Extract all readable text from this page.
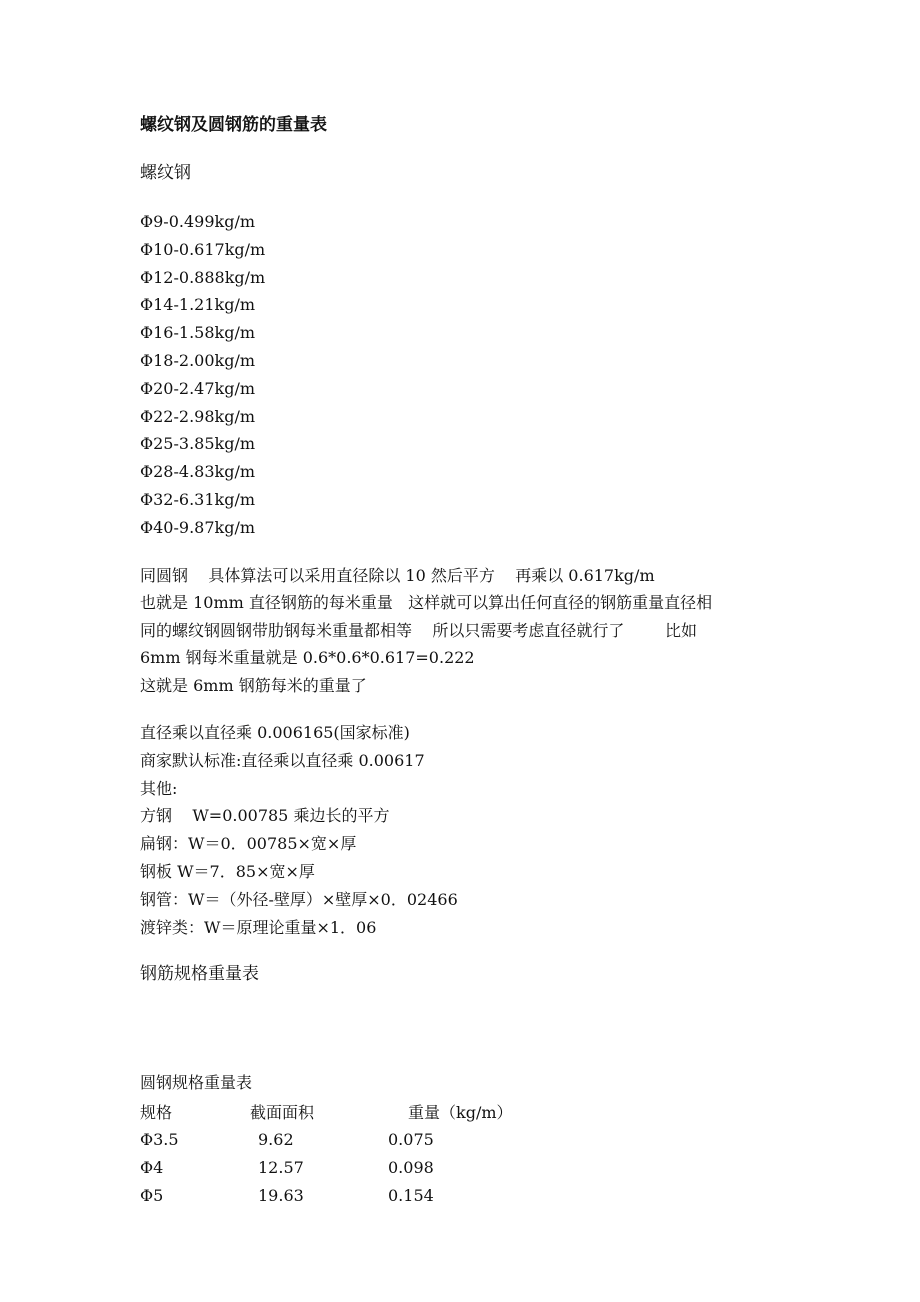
螺纹钢及圆钢筋的重量表
螺纹钢
Φ9-0.499kg/m
Φ10-0.617kg/m
Φ12-0.888kg/m
Φ14-1.21kg/m
Φ16-1.58kg/m
Φ18-2.00kg/m
Φ20-2.47kg/m
Φ22-2.98kg/m
Φ25-3.85kg/m
Φ28-4.83kg/m
Φ32-6.31kg/m
Φ40-9.87kg/m
同圆钢    具体算法可以采用直径除以 10 然后平方    再乘以 0.617kg/m
也就是 10mm 直径钢筋的每米重量   这样就可以算出任何直径的钢筋重量直径相
同的螺纹钢圆钢带肋钢每米重量都相等    所以只需要考虑直径就行了        比如
6mm 钢每米重量就是 0.6*0.6*0.617=0.222
这就是 6mm 钢筋每米的重量了
直径乘以直径乘 0.006165(国家标准)
商家默认标准:直径乘以直径乘 0.00617
其他:
方钢    W=0.00785 乘边长的平方
扁钢：W＝0．00785×宽×厚
钢板 W＝7．85×宽×厚
钢管：W＝（外径-壁厚）×壁厚×0．02466
渡锌类：W＝原理论重量×1．06
钢筋规格重量表
圆钢规格重量表
规格	截面面积	重量（kg/m）
Φ3.5	9.62	0.075
Φ4	12.57	0.098
Φ5	19.63	0.154
